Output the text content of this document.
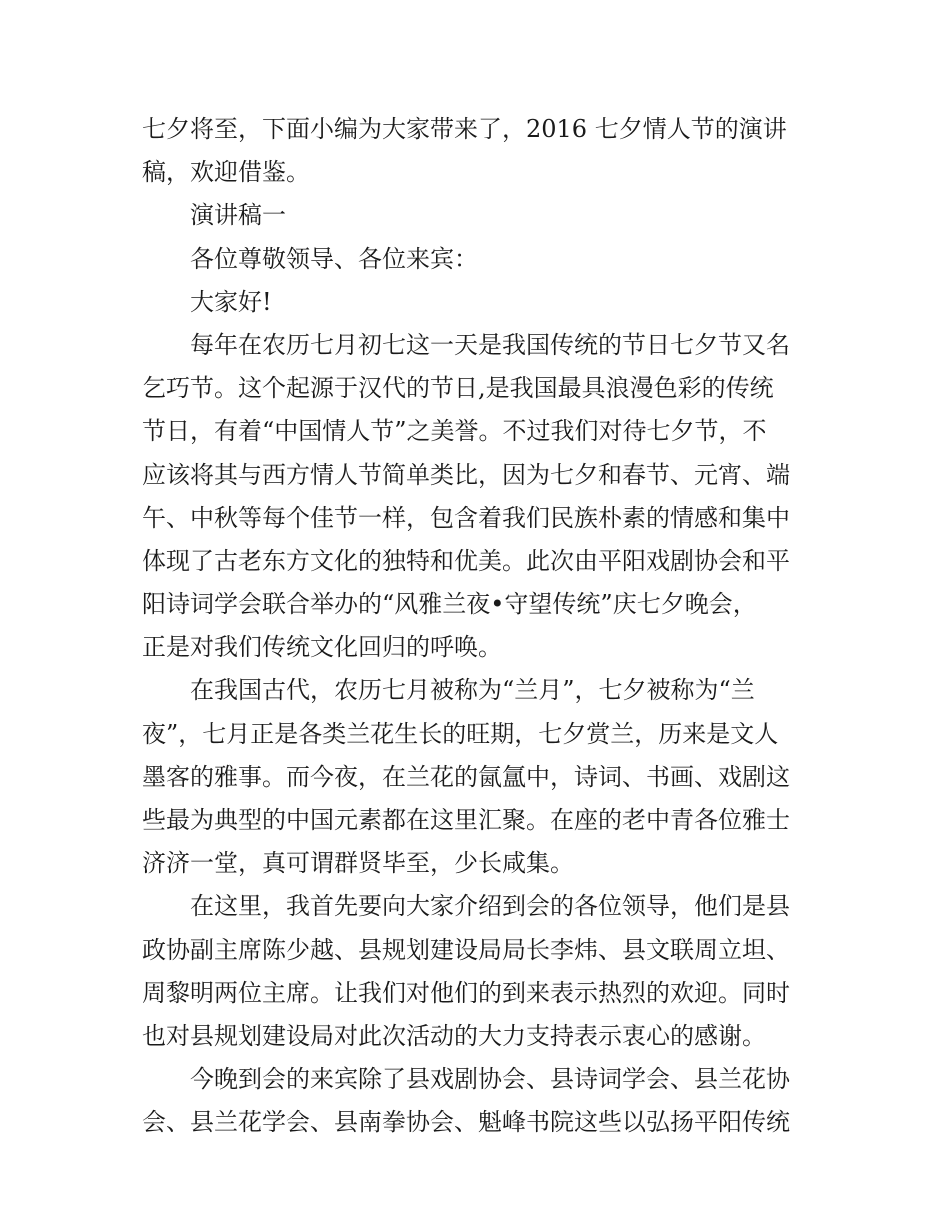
七夕将至，下面小编为大家带来了，2016 七夕情人节的演讲
稿，欢迎借鉴。
演讲稿一
各位尊敬领导、各位来宾：
大家好!
每年在农历七月初七这一天是我国传统的节日七夕节又名
乞巧节。这个起源于汉代的节日,是我国最具浪漫色彩的传统
节日，有着“中国情人节”之美誉。不过我们对待七夕节，不
应该将其与西方情人节简单类比，因为七夕和春节、元宵、端
午、中秋等每个佳节一样，包含着我们民族朴素的情感和集中
体现了古老东方文化的独特和优美。此次由平阳戏剧协会和平
阳诗词学会联合举办的“风雅兰夜•守望传统”庆七夕晚会，
正是对我们传统文化回归的呼唤。
在我国古代，农历七月被称为“兰月”，七夕被称为“兰
夜”，七月正是各类兰花生长的旺期，七夕赏兰，历来是文人
墨客的雅事。而今夜，在兰花的氤氲中，诗词、书画、戏剧这
些最为典型的中国元素都在这里汇聚。在座的老中青各位雅士
济济一堂，真可谓群贤毕至，少长咸集。
在这里，我首先要向大家介绍到会的各位领导，他们是县
政协副主席陈少越、县规划建设局局长李炜、县文联周立坦、
周黎明两位主席。让我们对他们的到来表示热烈的欢迎。同时
也对县规划建设局对此次活动的大力支持表示衷心的感谢。
今晚到会的来宾除了县戏剧协会、县诗词学会、县兰花协
会、县兰花学会、县南拳协会、魁峰书院这些以弘扬平阳传统
